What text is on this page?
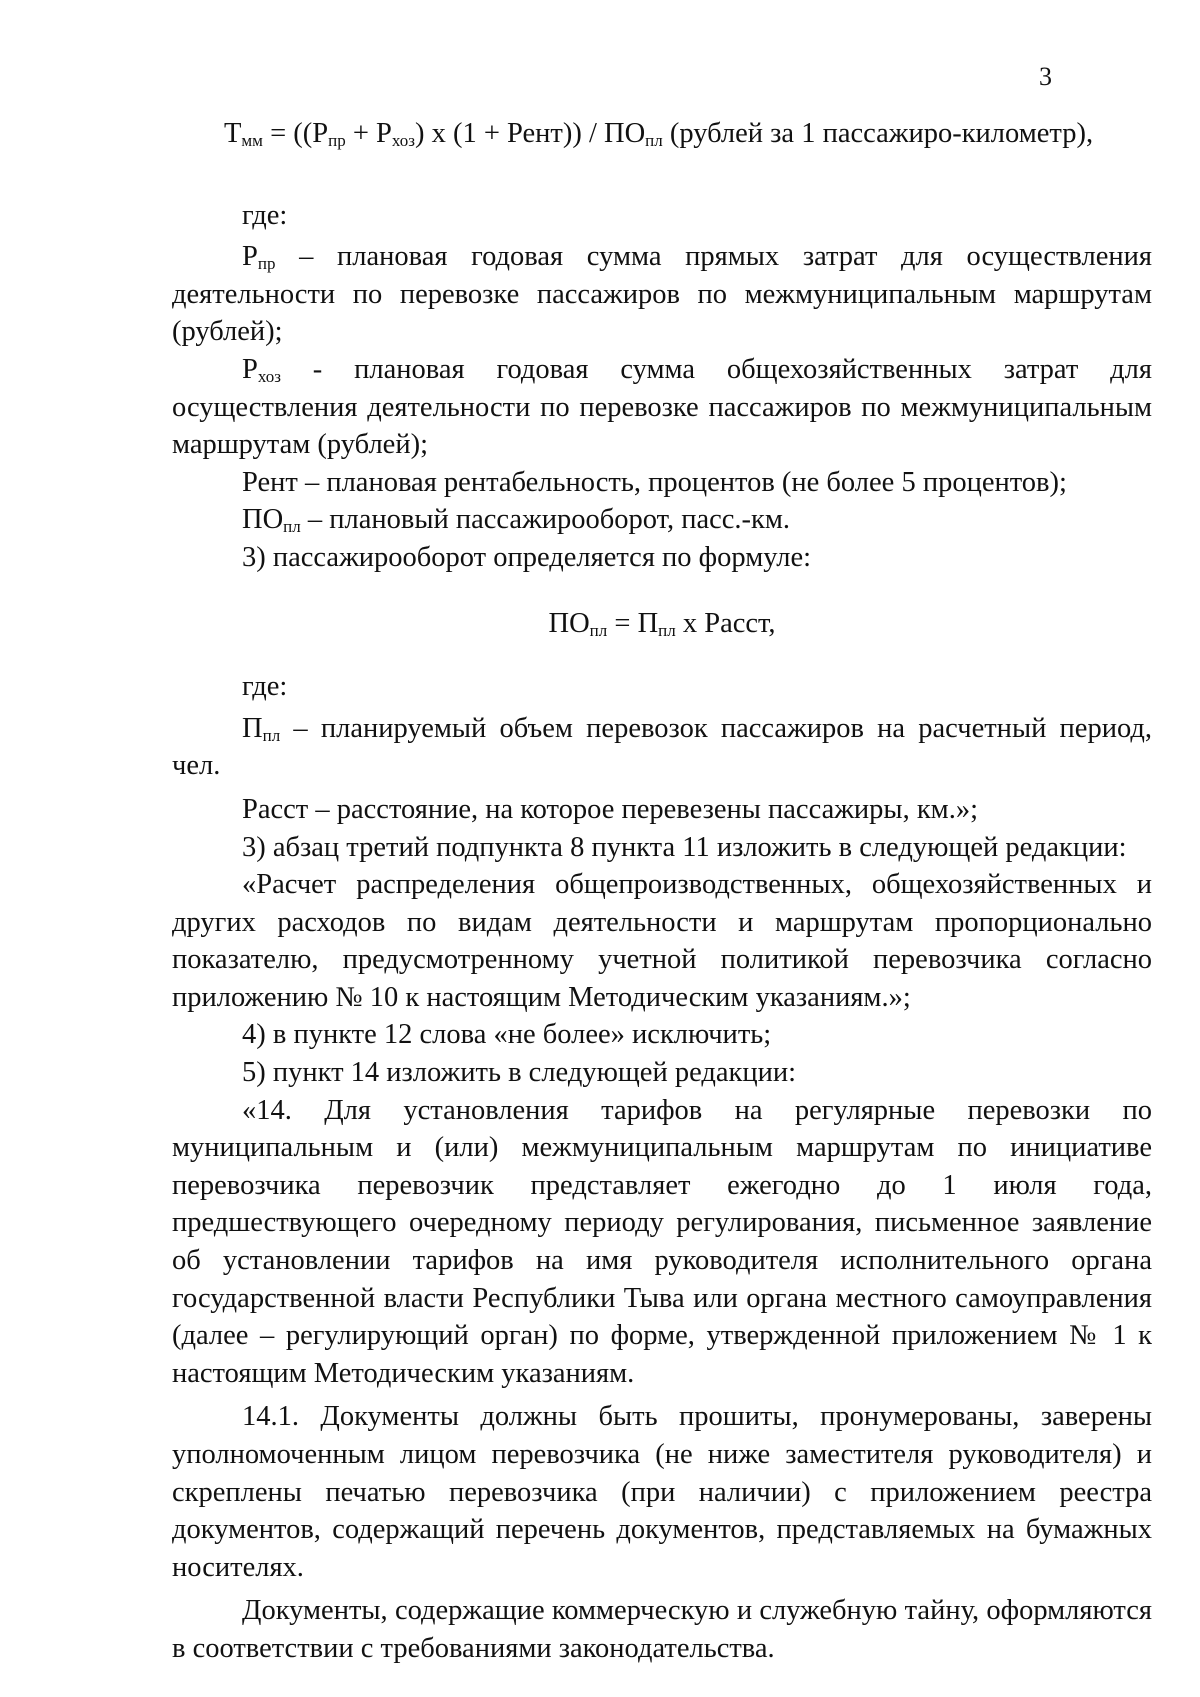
3
$Т_{мм} = ((Р_{пр} + Р_{хоз})$ х (1 + Рент)) / $ПО_{пл}$ (рублей за 1 пассажиро-километр),

где:

$Р_{пр}$ – плановая годовая сумма прямых затрат для осуществления деятельности по перевозке пассажиров по межмуниципальным маршрутам (рублей);

$Р_{хоз}$ - плановая годовая сумма общехозяйственных затрат для осуществления деятельности по перевозке пассажиров по межмуниципальным маршрутам (рублей);

Рент – плановая рентабельность, процентов (не более 5 процентов);

$ПО_{пл}$ – плановый пассажирооборот, пасс.-км.

3) пассажирооборот определяется по формуле:

$ПО_{пл} = П_{пл}$ х Расст,

где:

$П_{пл}$ – планируемый объем перевозок пассажиров на расчетный период, чел.

Расст – расстояние, на которое перевезены пассажиры, км.»;

3) абзац третий подпункта 8 пункта 11 изложить в следующей редакции:

«Расчет распределения общепроизводственных, общехозяйственных и других расходов по видам деятельности и маршрутам пропорционально показателю, предусмотренному учетной политикой перевозчика согласно приложению № 10 к настоящим Методическим указаниям.»;

4) в пункте 12 слова «не более» исключить;

5) пункт 14 изложить в следующей редакции:

«14. Для установления тарифов на регулярные перевозки по муниципальным и (или) межмуниципальным маршрутам по инициативе перевозчика перевозчик представляет ежегодно до 1 июля года, предшествующего очередному периоду регулирования, письменное заявление об установлении тарифов на имя руководителя исполнительного органа государственной власти Республики Тыва или органа местного самоуправления (далее – регулирующий орган) по форме, утвержденной приложением № 1 к настоящим Методическим указаниям.

14.1. Документы должны быть прошиты, пронумерованы, заверены уполномоченным лицом перевозчика (не ниже заместителя руководителя) и скреплены печатью перевозчика (при наличии) с приложением реестра документов, содержащий перечень документов, представляемых на бумажных носителях.

Документы, содержащие коммерческую и служебную тайну, оформляются в соответствии с требованиями законодательства.
